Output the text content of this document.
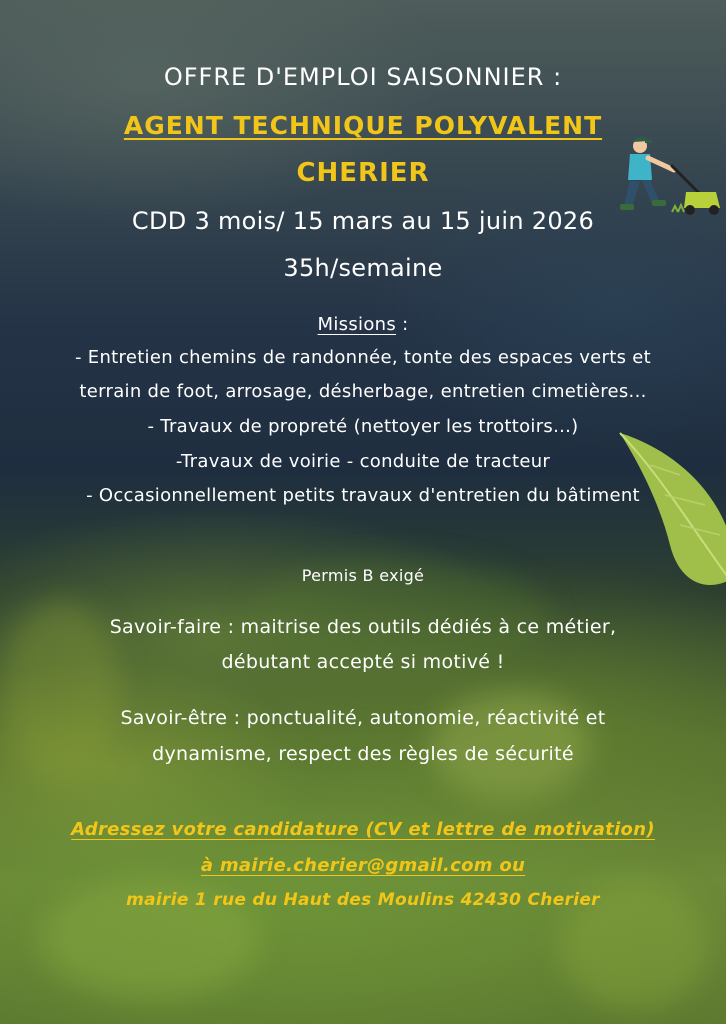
OFFRE D'EMPLOI SAISONNIER :
AGENT TECHNIQUE POLYVALENT
CHERIER
CDD 3 mois/ 15 mars au 15 juin 2026
35h/semaine
Missions :
- Entretien chemins de randonnée, tonte des espaces verts et
terrain de foot, arrosage, désherbage, entretien cimetières...
- Travaux de propreté (nettoyer les trottoirs...)
-Travaux de voirie - conduite de tracteur
- Occasionnellement petits travaux d'entretien du bâtiment
Permis B exigé
Savoir-faire : maitrise des outils dédiés à ce métier,
débutant accepté si motivé !
Savoir-être : ponctualité, autonomie, réactivité et
dynamisme, respect des règles de sécurité
Adressez votre candidature (CV et lettre de motivation)
à mairie.cherier@gmail.com ou
mairie 1 rue du Haut des Moulins 42430 Cherier
